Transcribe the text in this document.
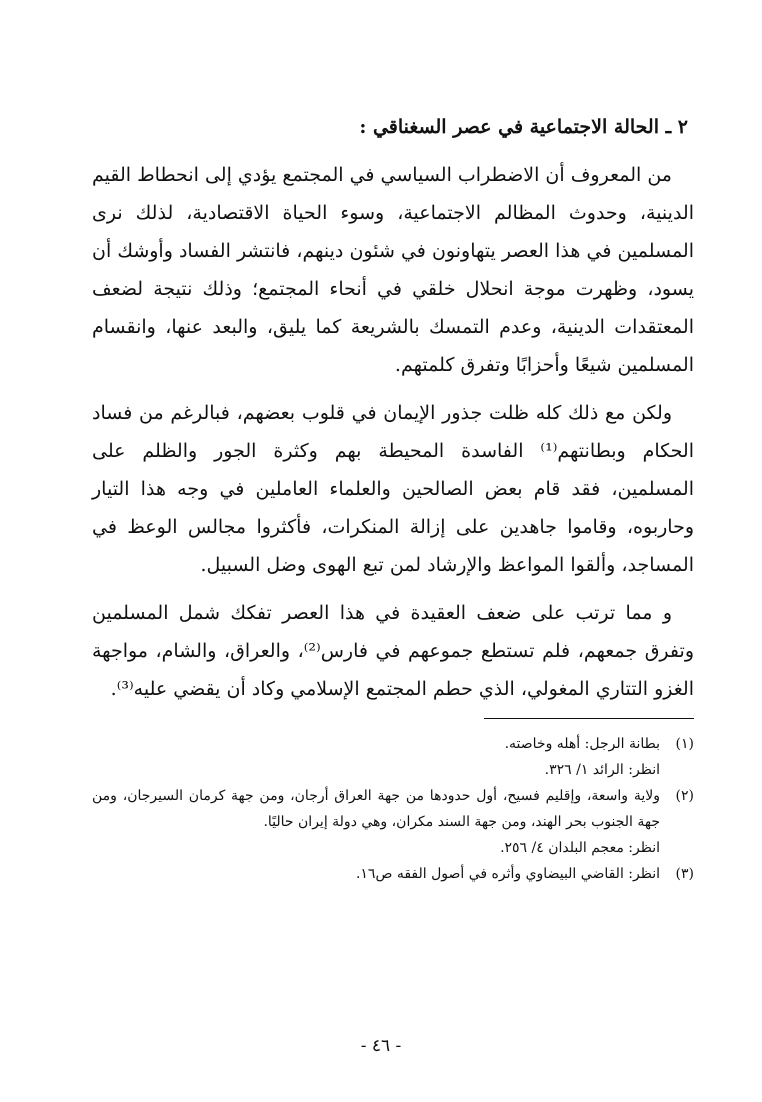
٢ ـ الحالة الاجتماعية في عصر السغناقي :

من المعروف أن الاضطراب السياسي في المجتمع يؤدي إلى انحطاط القيم الدينية، وحدوث المظالم الاجتماعية، وسوء الحياة الاقتصادية، لذلك نرى المسلمين في هذا العصر يتهاونون في شئون دينهم، فانتشر الفساد وأوشك أن يسود، وظهرت موجة انحلال خلقي في أنحاء المجتمع؛ وذلك نتيجة لضعف المعتقدات الدينية، وعدم التمسك بالشريعة كما يليق، والبعد عنها، وانقسام المسلمين شيعًا وأحزابًا وتفرق كلمتهم.

ولكن مع ذلك كله ظلت جذور الإيمان في قلوب بعضهم، فبالرغم من فساد الحكام وبطانتهم⁽¹⁾ الفاسدة المحيطة بهم وكثرة الجور والظلم على المسلمين، فقد قام بعض الصالحين والعلماء العاملين في وجه هذا التيار وحاربوه، وقاموا جاهدين على إزالة المنكرات، فأكثروا مجالس الوعظ في المساجد، وألقوا المواعظ والإرشاد لمن تبع الهوى وضل السبيل.

و مما ترتب على ضعف العقيدة في هذا العصر تفكك شمل المسلمين وتفرق جمعهم، فلم تستطع جموعهم في فارس⁽²⁾، والعراق، والشام، مواجهة الغزو التتاري المغولي، الذي حطم المجتمع الإسلامي وكاد أن يقضي عليه⁽³⁾.

(١)
بطانة الرجل: أهله وخاصته.
انظر: الرائد ١/ ٣٢٦.
(٢)
ولاية واسعة، وإقليم فسيح، أول حدودها من جهة العراق أرجان، ومن جهة كرمان السيرجان، ومن جهة الجنوب بحر الهند، ومن جهة السند مكران، وهي دولة إيران حاليًا.
انظر: معجم البلدان ٤/ ٢٥٦.
(٣)
انظر: القاضي البيضاوي وأثره في أصول الفقه ص١٦.
- ٤٦ -
